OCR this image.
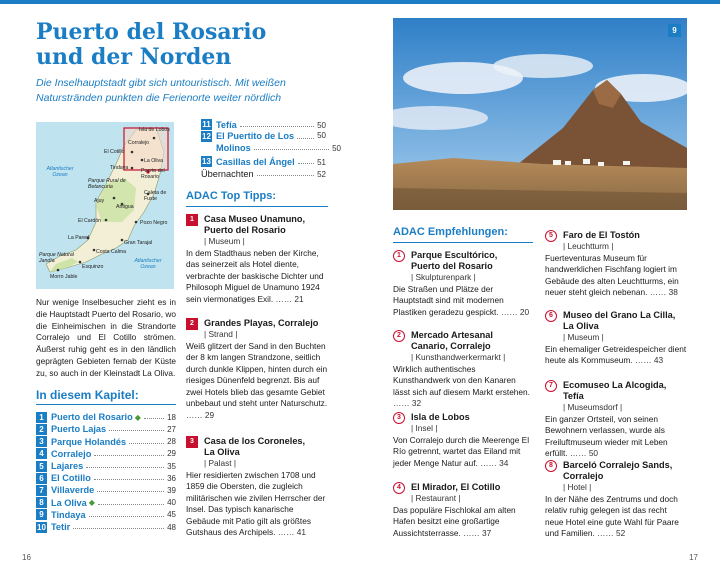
Puerto del Rosario
und der Norden
Die Inselhauptstadt gibt sich untouristisch. Mit weißen Naturstränden punkten die Ferienorte weiter nördlich
Isla de Lobos
Corralejo
El Cotillo
La Oliva
Tindaya Puerto del Rosario
Atlantischer Ozean
Parque Rural de Betancuria
Caleta de Fuste
Ajuy
Antigua
El Cardón	Pozo Negro
La Pared
Gran Tarajal
Costa Calma
Parque Natural Jandía
Esquinzo
Atlantischer Ozean
Morro Jable
Nur wenige Inselbesucher zieht es in die Hauptstadt Puerto del Rosario, wo die Einheimischen in die Strandorte Corralejo und El Cotillo strömen. Äußerst ruhig geht es in den ländlich geprägten Gebieten fernab der Küste zu, so auch in der Kleinstadt La Oliva.
In diesem Kapitel:
1 Puerto del Rosario ◆	18
2 Puerto Lajas	27
3 Parque Holandés	28
4 Corralejo	29
5 Lajares	35
6 El Cotillo	36
7 Villaverde	39
8 La Oliva ◆	40
9 Tindaya	45
10 Tetir	48
11 Tefía	50
12 El Puertito de Los	50
Molinos	50
13 Casillas del Ángel	51
Übernachten	52
ADAC Top Tipps:
1	Casa Museo Unamuno,
Puerto del Rosario
| Museum |
In dem Stadthaus neben der Kirche, das seinerzeit als Hotel diente, verbrachte der baskische Dichter und Philosoph Miguel de Unamuno 1924 sein viermonatiges Exil. …… 21
2	Grandes Playas, Corralejo
| Strand |
Weiß glitzert der Sand in den Buchten der 8 km langen Strandzone, seitlich durch dunkle Klippen, hinten durch ein riesiges Dünenfeld begrenzt. Bis auf zwei Hotels blieb das gesamte Gebiet unbebaut und steht unter Naturschutz. …… 29
3	Casa de los Coroneles,
La Oliva
| Palast |
Hier residierten zwischen 1708 und 1859 die Obersten, die zugleich militärischen wie zivilen Herrscher der Insel. Das typisch kanarische Gebäude mit Patio gilt als größtes Gutshaus des Archipels. …… 41
9
ADAC Empfehlungen:
1	Parque Escultórico,
Puerto del Rosario
| Skulpturenpark |
Die Straßen und Plätze der Hauptstadt sind mit modernen Plastiken geradezu gespickt. …… 20
2	Mercado Artesanal
Canario, Corralejo
| Kunsthandwerkermarkt |
Wirklich authentisches Kunsthandwerk von den Kanaren lässt sich auf diesem Markt erstehen. …… 32
3	Isla de Lobos
| Insel |
Von Corralejo durch die Meerenge El Río getrennt, wartet das Eiland mit jeder Menge Natur auf. …… 34
4	El Mirador, El Cotillo
| Restaurant |
Das populäre Fischlokal am alten Hafen besitzt eine großartige Aussichtsterrasse. …… 37
5	Faro de El Tostón
| Leuchtturm |
Fuerteventuras Museum für handwerklichen Fischfang logiert im Gebäude des alten Leuchtturms, ein neuer steht gleich nebenan. …… 38
6	Museo del Grano La Cilla,
La Oliva
| Museum |
Ein ehemaliger Getreidespeicher dient heute als Kornmuseum. …… 43
7	Ecomuseo La Alcogida,
Tefía
| Museumsdorf |
Ein ganzer Ortsteil, von seinen Bewohnern verlassen, wurde als Freiluftmuseum wieder mit Leben erfüllt. …… 50
8	Barceló Corralejo Sands,
Corralejo
| Hotel |
In der Nähe des Zentrums und doch relativ ruhig gelegen ist das recht neue Hotel eine gute Wahl für Paare und Familien. …… 52
16	17
